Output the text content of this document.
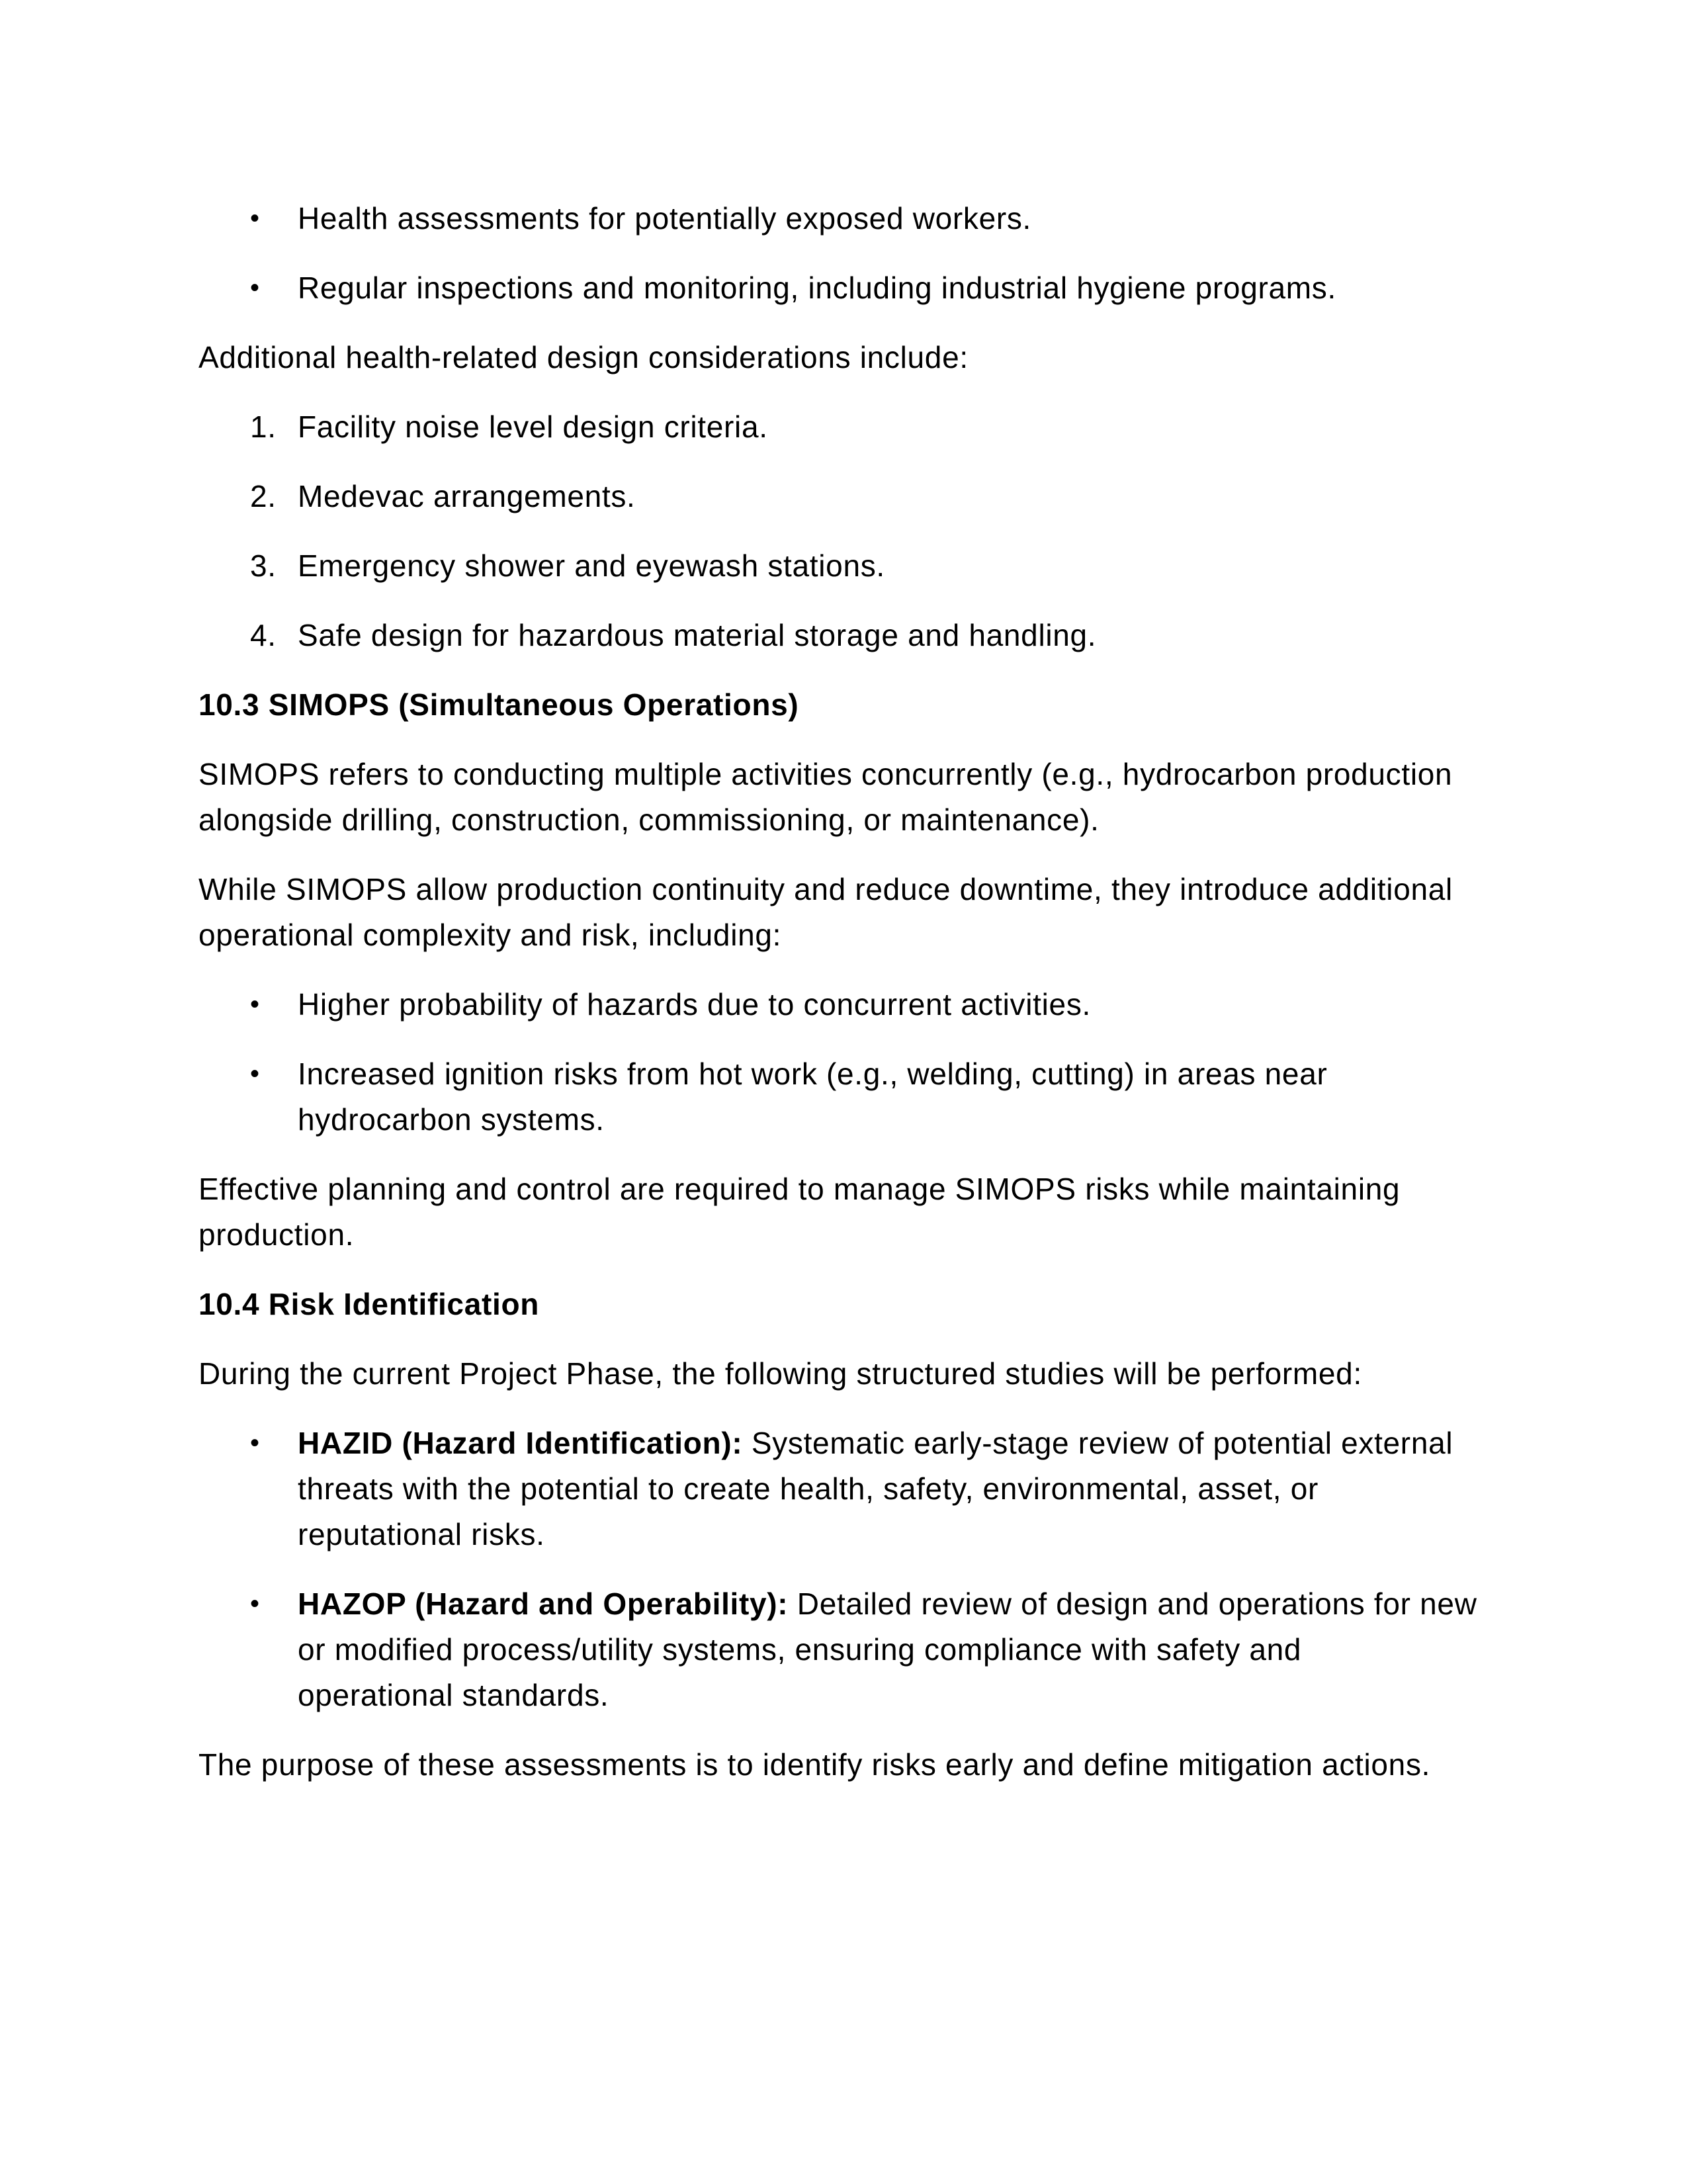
• Health assessments for potentially exposed workers.
• Regular inspections and monitoring, including industrial hygiene programs.
Additional health-related design considerations include:
1. Facility noise level design criteria.
2. Medevac arrangements.
3. Emergency shower and eyewash stations.
4. Safe design for hazardous material storage and handling.
10.3 SIMOPS (Simultaneous Operations)
SIMOPS refers to conducting multiple activities concurrently (e.g., hydrocarbon production
alongside drilling, construction, commissioning, or maintenance).
While SIMOPS allow production continuity and reduce downtime, they introduce additional
operational complexity and risk, including:
• Higher probability of hazards due to concurrent activities.
• Increased ignition risks from hot work (e.g., welding, cutting) in areas near
hydrocarbon systems.
Effective planning and control are required to manage SIMOPS risks while maintaining
production.
10.4 Risk Identification
During the current Project Phase, the following structured studies will be performed:
• HAZID (Hazard Identification): Systematic early-stage review of potential external
threats with the potential to create health, safety, environmental, asset, or
reputational risks.
• HAZOP (Hazard and Operability): Detailed review of design and operations for new
or modified process/utility systems, ensuring compliance with safety and
operational standards.
The purpose of these assessments is to identify risks early and define mitigation actions.
